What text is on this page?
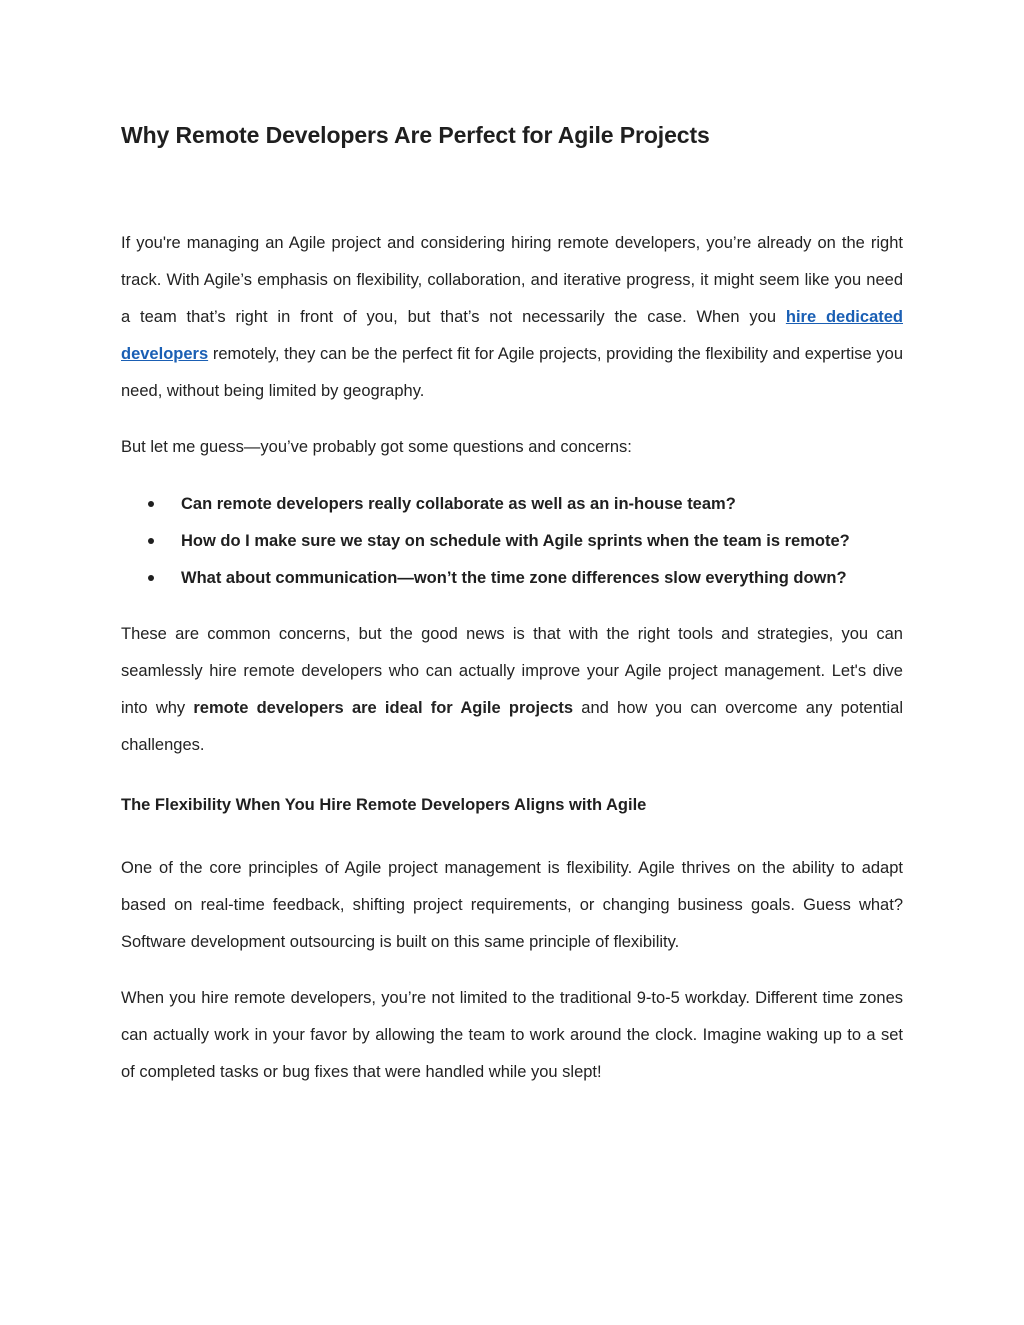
Why Remote Developers Are Perfect for Agile Projects

If you're managing an Agile project and considering hiring remote developers, you’re already on the right track. With Agile’s emphasis on flexibility, collaboration, and iterative progress, it might seem like you need a team that’s right in front of you, but that’s not necessarily the case. When you hire dedicated developers remotely, they can be the perfect fit for Agile projects, providing the flexibility and expertise you need, without being limited by geography.

But let me guess—you’ve probably got some questions and concerns:

Can remote developers really collaborate as well as an in-house team?
How do I make sure we stay on schedule with Agile sprints when the team is remote?
What about communication—won’t the time zone differences slow everything down?

These are common concerns, but the good news is that with the right tools and strategies, you can seamlessly hire remote developers who can actually improve your Agile project management. Let's dive into why remote developers are ideal for Agile projects and how you can overcome any potential challenges.

The Flexibility When You Hire Remote Developers Aligns with Agile

One of the core principles of Agile project management is flexibility. Agile thrives on the ability to adapt based on real-time feedback, shifting project requirements, or changing business goals. Guess what? Software development outsourcing is built on this same principle of flexibility.

When you hire remote developers, you’re not limited to the traditional 9-to-5 workday. Different time zones can actually work in your favor by allowing the team to work around the clock. Imagine waking up to a set of completed tasks or bug fixes that were handled while you slept!
